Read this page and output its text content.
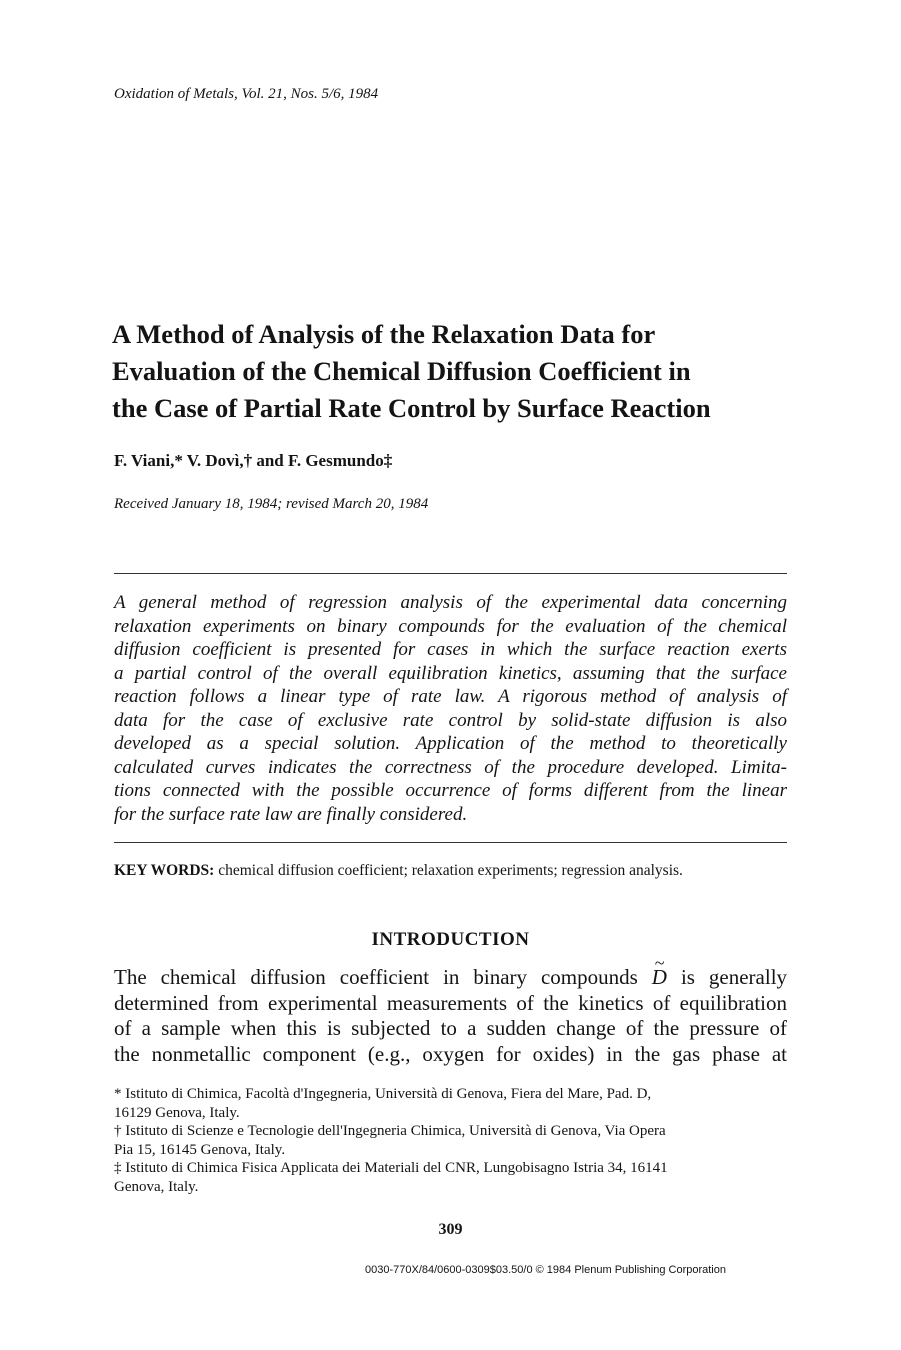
Oxidation of Metals, Vol. 21, Nos. 5/6, 1984
A Method of Analysis of the Relaxation Data for
Evaluation of the Chemical Diffusion Coefficient in
the Case of Partial Rate Control by Surface Reaction
F. Viani,* V. Dovì,† and F. Gesmundo‡
Received January 18, 1984; revised March 20, 1984
A general method of regression analysis of the experimental data concerning
relaxation experiments on binary compounds for the evaluation of the chemical
diffusion coefficient is presented for cases in which the surface reaction exerts
a partial control of the overall equilibration kinetics, assuming that the surface
reaction follows a linear type of rate law. A rigorous method of analysis of
data for the case of exclusive rate control by solid-state diffusion is also
developed as a special solution. Application of the method to theoretically
calculated curves indicates the correctness of the procedure developed. Limita-
tions connected with the possible occurrence of forms different from the linear
for the surface rate law are finally considered.
KEY WORDS: chemical diffusion coefficient; relaxation experiments; regression analysis.
INTRODUCTION
The chemical diffusion coefficient in binary compounds ~ D is generally
determined from experimental measurements of the kinetics of equilibration
of a sample when this is subjected to a sudden change of the pressure of
the nonmetallic component (e.g., oxygen for oxides) in the gas phase at
* Istituto di Chimica, Facoltà d'Ingegneria, Università di Genova, Fiera del Mare, Pad. D,
16129 Genova, Italy.
† Istituto di Scienze e Tecnologie dell'Ingegneria Chimica, Università di Genova, Via Opera
Pia 15, 16145 Genova, Italy.
‡ Istituto di Chimica Fisica Applicata dei Materiali del CNR, Lungobisagno Istria 34, 16141
Genova, Italy.
309
0030-770X/84/0600-0309$03.50/0 © 1984 Plenum Publishing Corporation
